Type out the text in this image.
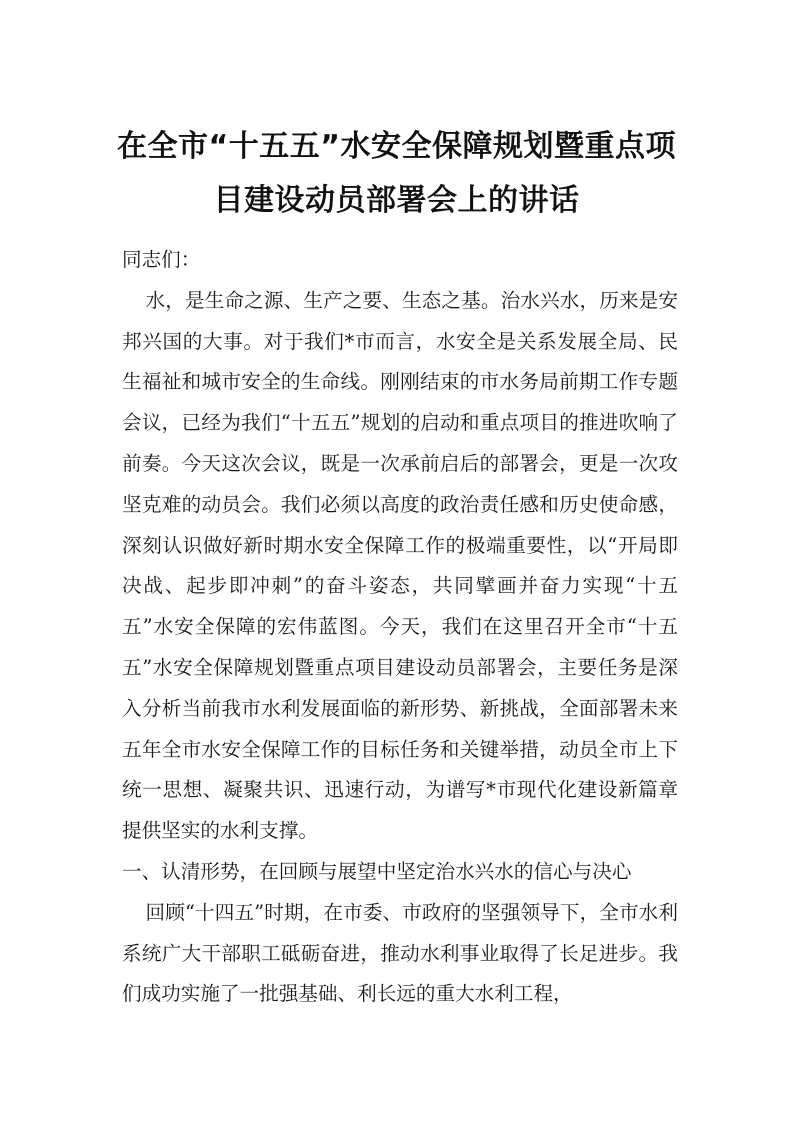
在全市“十五五”水安全保障规划暨重点项
目建设动员部署会上的讲话

同志们：

水，是生命之源、生产之要、生态之基。治水兴水，历来是安邦兴国的大事。对于我们*市而言，水安全是关系发展全局、民生福祉和城市安全的生命线。刚刚结束的市水务局前期工作专题会议，已经为我们“十五五”规划的启动和重点项目的推进吹响了前奏。今天这次会议，既是一次承前启后的部署会，更是一次攻坚克难的动员会。我们必须以高度的政治责任感和历史使命感，深刻认识做好新时期水安全保障工作的极端重要性，以“开局即决战、起步即冲刺”的奋斗姿态，共同擘画并奋力实现“十五五”水安全保障的宏伟蓝图。今天，我们在这里召开全市“十五五”水安全保障规划暨重点项目建设动员部署会，主要任务是深入分析当前我市水利发展面临的新形势、新挑战，全面部署未来五年全市水安全保障工作的目标任务和关键举措，动员全市上下统一思想、凝聚共识、迅速行动，为谱写*市现代化建设新篇章提供坚实的水利支撑。

一、认清形势，在回顾与展望中坚定治水兴水的信心与决心

回顾“十四五”时期，在市委、市政府的坚强领导下，全市水利系统广大干部职工砥砺奋进，推动水利事业取得了长足进步。我们成功实施了一批强基础、利长远的重大水利工程，
